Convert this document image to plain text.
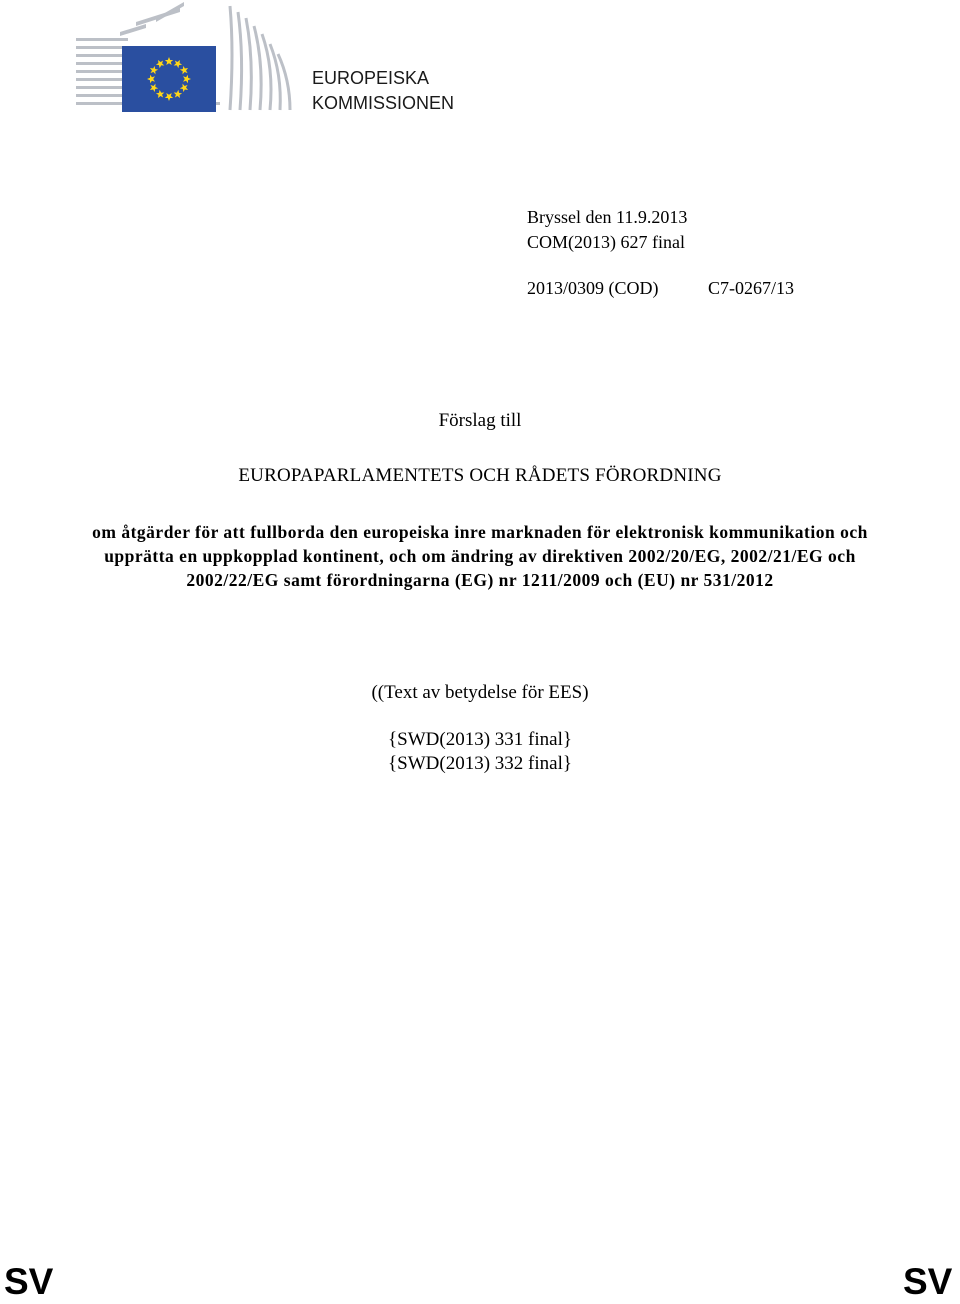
EUROPEISKA
KOMMISSIONEN
Bryssel den 11.9.2013
COM(2013) 627 final
2013/0309 (COD)	C7-0267/13
Förslag till
EUROPAPARLAMENTETS OCH RÅDETS FÖRORDNING
om åtgärder för att fullborda den europeiska inre marknaden för elektronisk kommunikation och upprätta en uppkopplad kontinent, och om ändring av direktiven 2002/20/EG, 2002/21/EG och 2002/22/EG samt förordningarna (EG) nr 1211/2009 och (EU) nr 531/2012
((Text av betydelse för EES)
{SWD(2013) 331 final}
{SWD(2013) 332 final}
SV	SV
